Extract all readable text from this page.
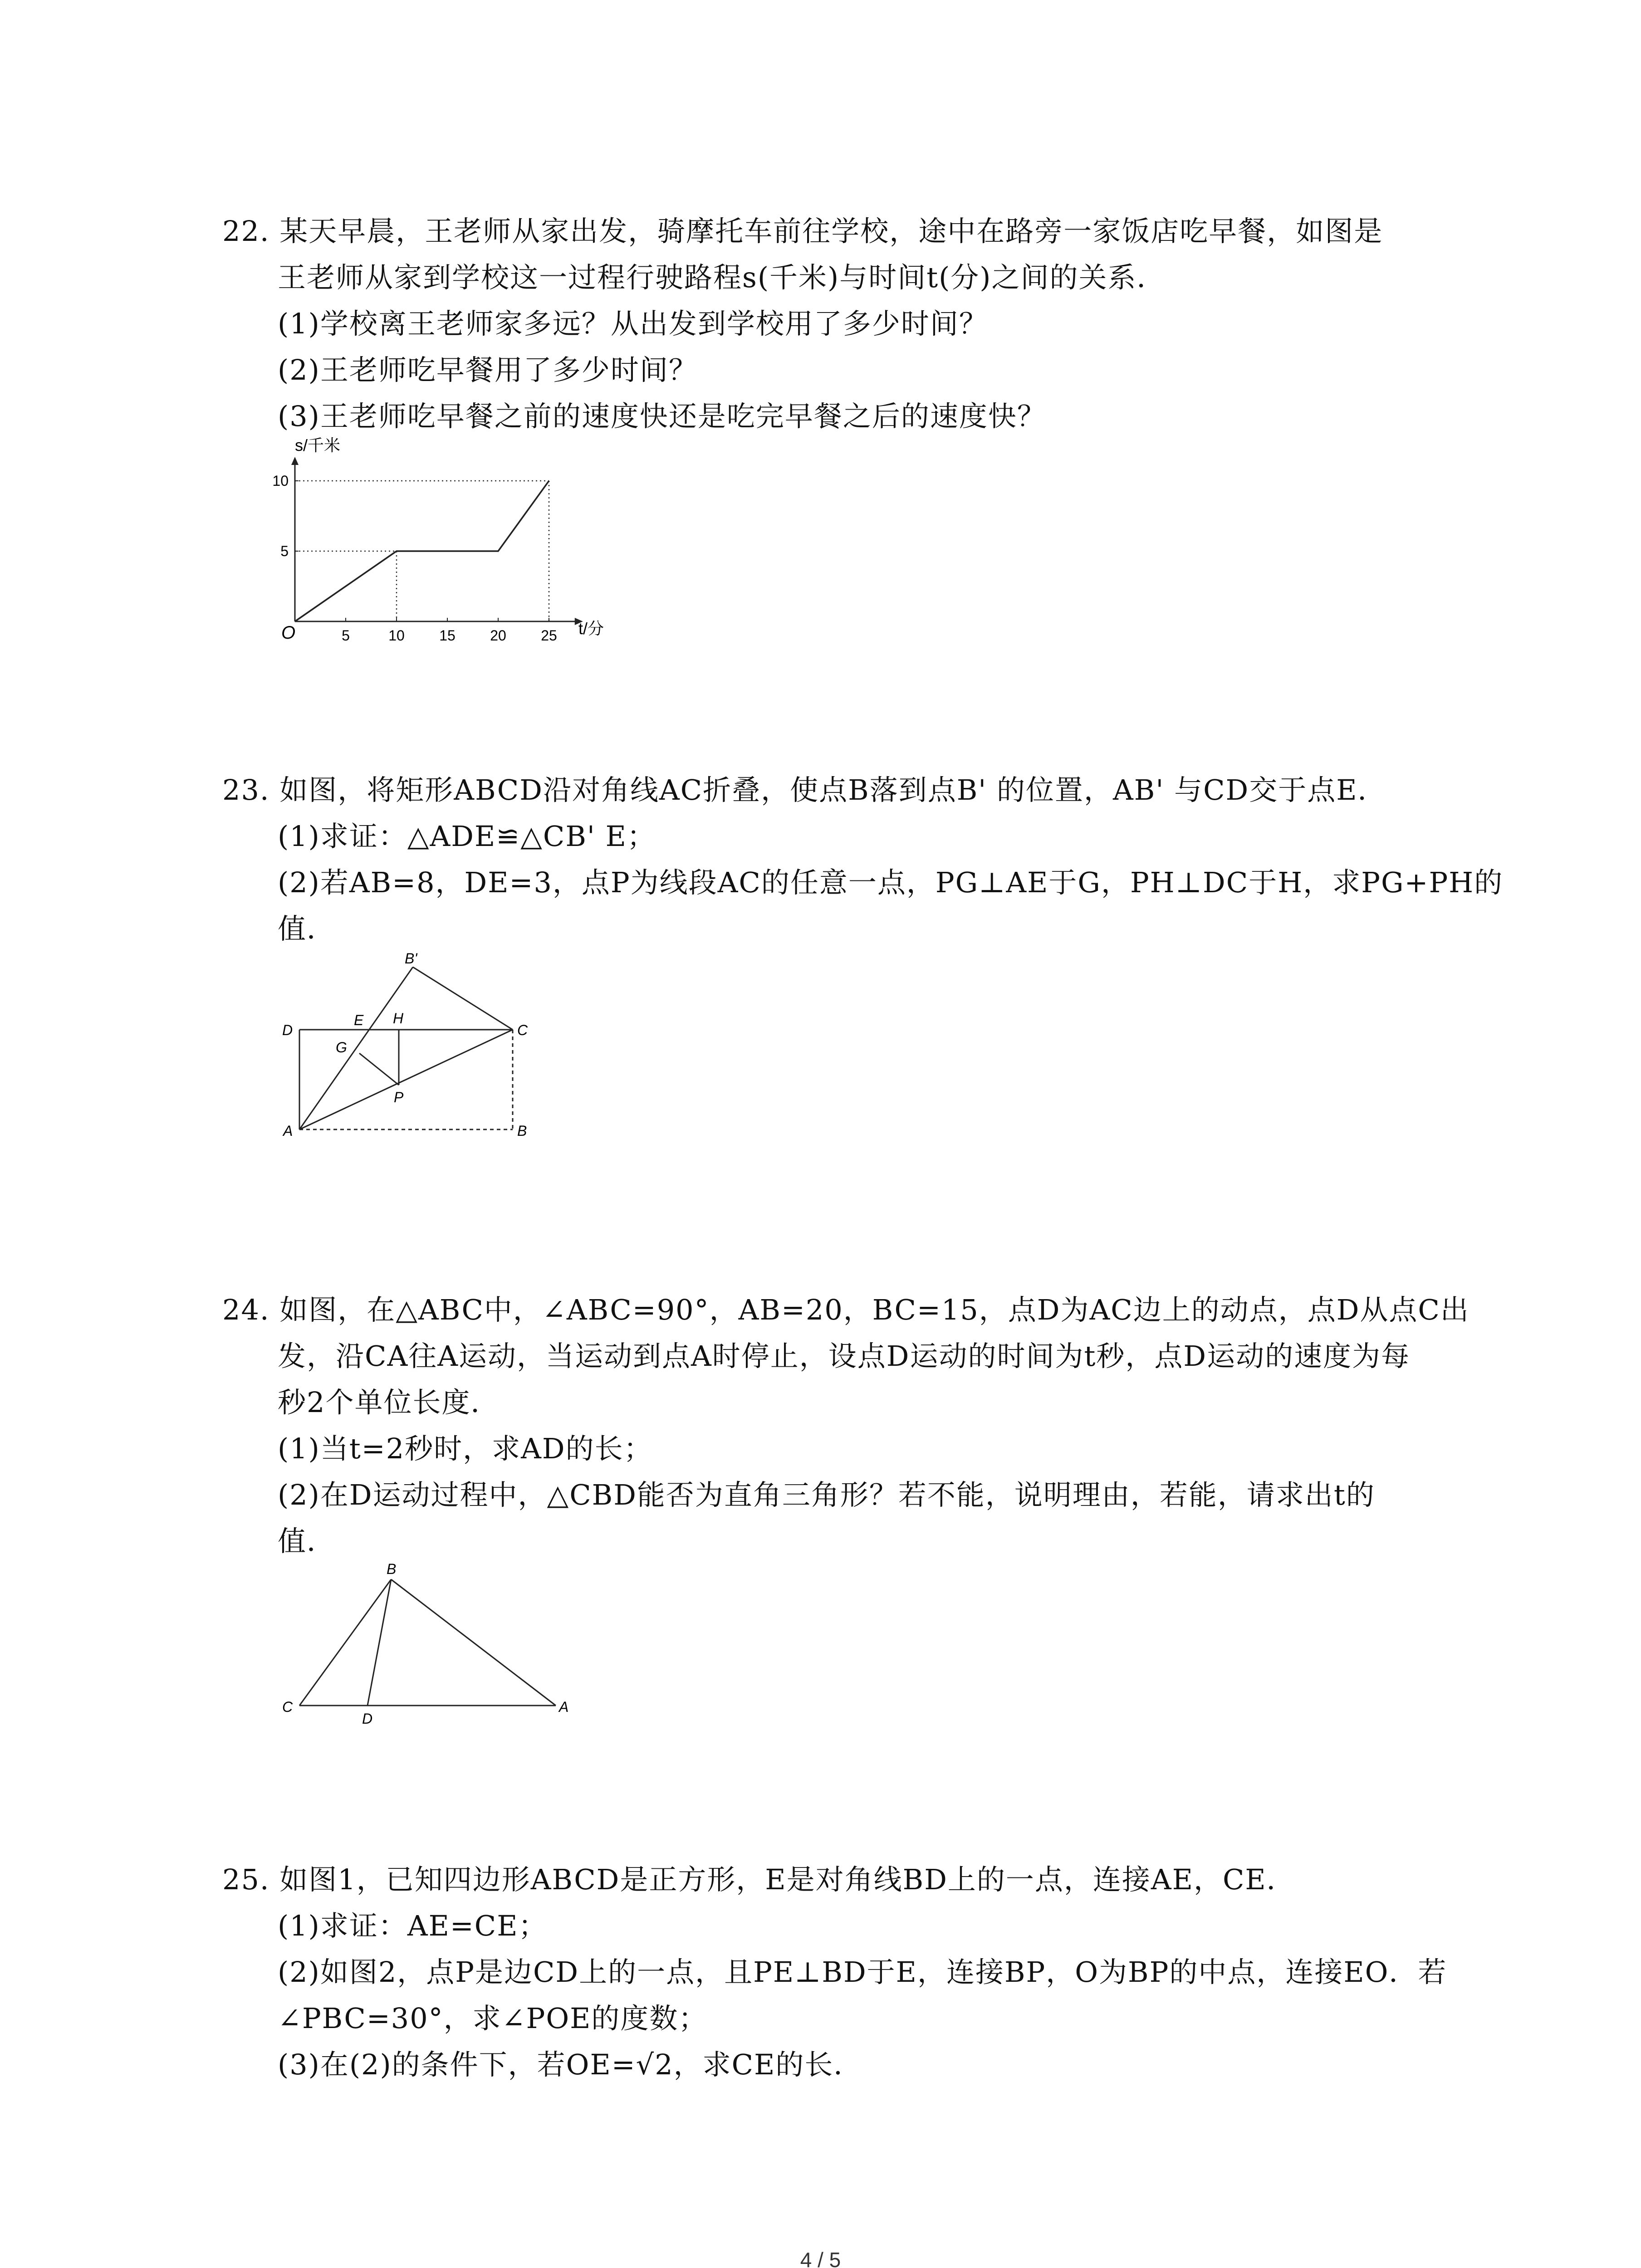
22. 某天早晨，王老师从家出发，骑摩托车前往学校，途中在路旁一家饭店吃早餐，如图是
王老师从家到学校这一过程行驶路程s(千米)与时间t(分)之间的关系．
(1)学校离王老师家多远？从出发到学校用了多少时间？
(2)王老师吃早餐用了多少时间？
(3)王老师吃早餐之前的速度快还是吃完早餐之后的速度快？
5	10 15 20 25
5
10
s/千米
t/分
O
23. 如图，将矩形ABCD沿对角线AC折叠，使点B落到点B' 的位置，AB' 与CD交于点E．
(1)求证：△ADE≌△CB' E；
(2)若AB=8，DE=3，点P为线段AC的任意一点，PG⊥AE于G，PH⊥DC于H，求PG+PH的
值．
B'
D
E H
C
G
P
A	B
24. 如图，在△ABC中，∠ABC=90°，AB=20，BC=15，点D为AC边上的动点，点D从点C出
发，沿CA往A运动，当运动到点A时停止，设点D运动的时间为t秒，点D运动的速度为每
秒2个单位长度．
(1)当t=2秒时，求AD的长；
(2)在D运动过程中，△CBD能否为直角三角形？若不能，说明理由，若能，请求出t的
值．
B
C
D
A
25. 如图1，已知四边形ABCD是正方形，E是对角线BD上的一点，连接AE，CE．
(1)求证：AE=CE；
(2)如图2，点P是边CD上的一点，且PE⊥BD于E，连接BP，O为BP的中点，连接EO．若
∠PBC=30°，求∠POE的度数；
(3)在(2)的条件下，若OE=√2，求CE的长．
4 / 5
